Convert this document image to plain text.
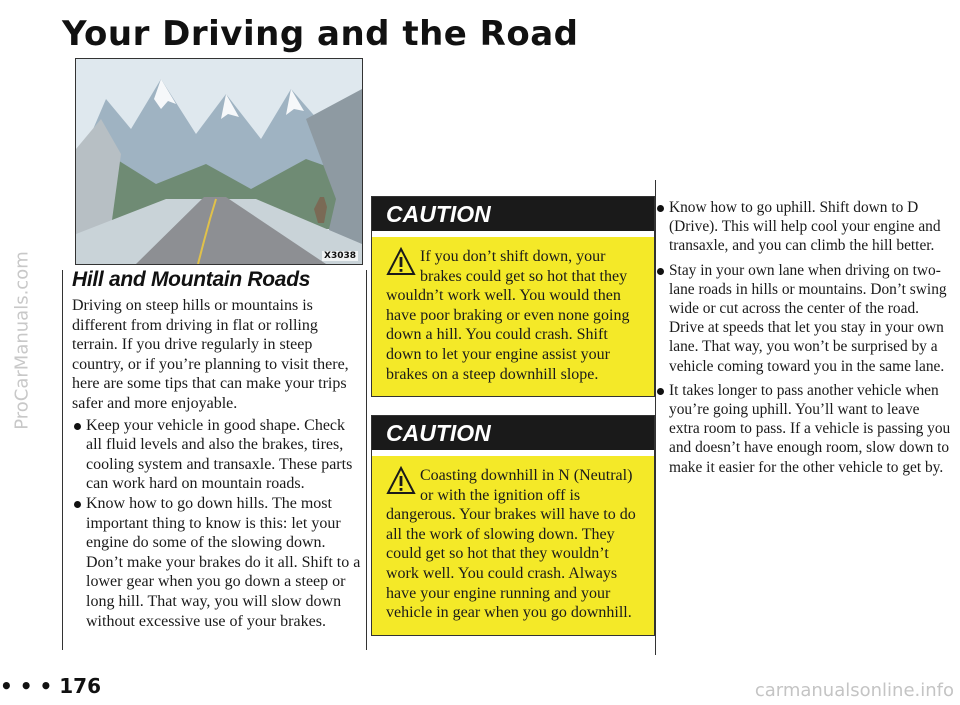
Your Driving and the Road
ProCarManuals.com	X3038
Hill and Mountain Roads

Driving on steep hills or mountains is different from driving in flat or rolling terrain. If you drive regularly in steep country, or if you’re planning to visit there, here are some tips that can make your trips safer and more enjoyable.

Keep your vehicle in good shape. Check all fluid levels and also the brakes, tires, cooling system and transaxle. These parts can work hard on mountain roads.
Know how to go down hills. The most important thing to know is this: let your engine do some of the slowing down. Don’t make your brakes do it all. Shift to a lower gear when you go down a steep or long hill. That way, you will slow down without excessive use of your brakes.
CAUTION
If you don’t shift down, your brakes could get so hot that they wouldn’t work well. You would then have poor braking or even none going down a hill. You could crash. Shift down to let your engine assist your brakes on a steep downhill slope.
CAUTION
Coasting downhill in N (Neutral) or with the ignition off is dangerous. Your brakes will have to do all the work of slowing down. They could get so hot that they wouldn’t work well. You could crash. Always have your engine running and your vehicle in gear when you go downhill.
Know how to go uphill. Shift down to D (Drive). This will help cool your engine and transaxle, and you can climb the hill better.
Stay in your own lane when driving on two-lane roads in hills or mountains. Don’t swing wide or cut across the center of the road. Drive at speeds that let you stay in your own lane. That way, you won’t be surprised by a vehicle coming toward you in the same lane.
It takes longer to pass another vehicle when you’re going uphill. You’ll want to leave extra room to pass. If a vehicle is passing you and doesn’t have enough room, slow down to make it easier for the other vehicle to get by.
• • • 176	carmanualsonline.info
